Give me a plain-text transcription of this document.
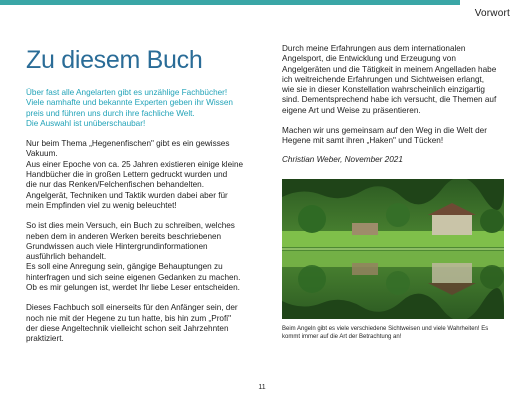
Vorwort
Zu diesem Buch

Über fast alle Angelarten gibt es unzählige Fachbücher!
Viele namhafte und bekannte Experten geben ihr Wissen
preis und führen uns durch ihre fachliche Welt.
Die Auswahl ist unüberschaubar!

Nur beim Thema „Hegenenfischen" gibt es ein gewisses
Vakuum.
Aus einer Epoche von ca. 25 Jahren existieren einige kleine
Handbücher die in großen Lettern gedruckt wurden und
die nur das Renken/Felchenfischen behandelten.
Angelgerät, Techniken und Taktik wurden dabei aber für
mein Empfinden viel zu wenig beleuchtet!

So ist dies mein Versuch, ein Buch zu schreiben, welches
neben dem in anderen Werken bereits beschriebenen
Grundwissen auch viele Hintergrundinformationen
ausführlich behandelt.
Es soll eine Anregung sein, gängige Behauptungen zu
hinterfragen und sich seine eigenen Gedanken zu machen.
Ob es mir gelungen ist, werdet Ihr liebe Leser entscheiden.

Dieses Fachbuch soll einerseits für den Anfänger sein, der
noch nie mit der Hegene zu tun hatte, bis hin zum „Profi"
der diese Angeltechnik vielleicht schon seit Jahrzehnten
praktiziert.

Durch meine Erfahrungen aus dem internationalen
Angelsport, die Entwicklung und Erzeugung von
Angelgeräten und die Tätigkeit in meinem Angelladen habe
ich weitreichende Erfahrungen und Sichtweisen erlangt,
wie sie in dieser Konstellation wahrscheinlich einzigartig
sind. Dementsprechend habe ich versucht, die Themen auf
eigene Art und Weise zu präsentieren.

Machen wir uns gemeinsam auf den Weg in die Welt der
Hegene mit samt ihren „Haken" und Tücken!

Christian Weber, November 2021

Beim Angeln gibt es viele verschiedene Sichtweisen und viele Wahrheiten! Es
kommt immer auf die Art der Betrachtung an!

11
